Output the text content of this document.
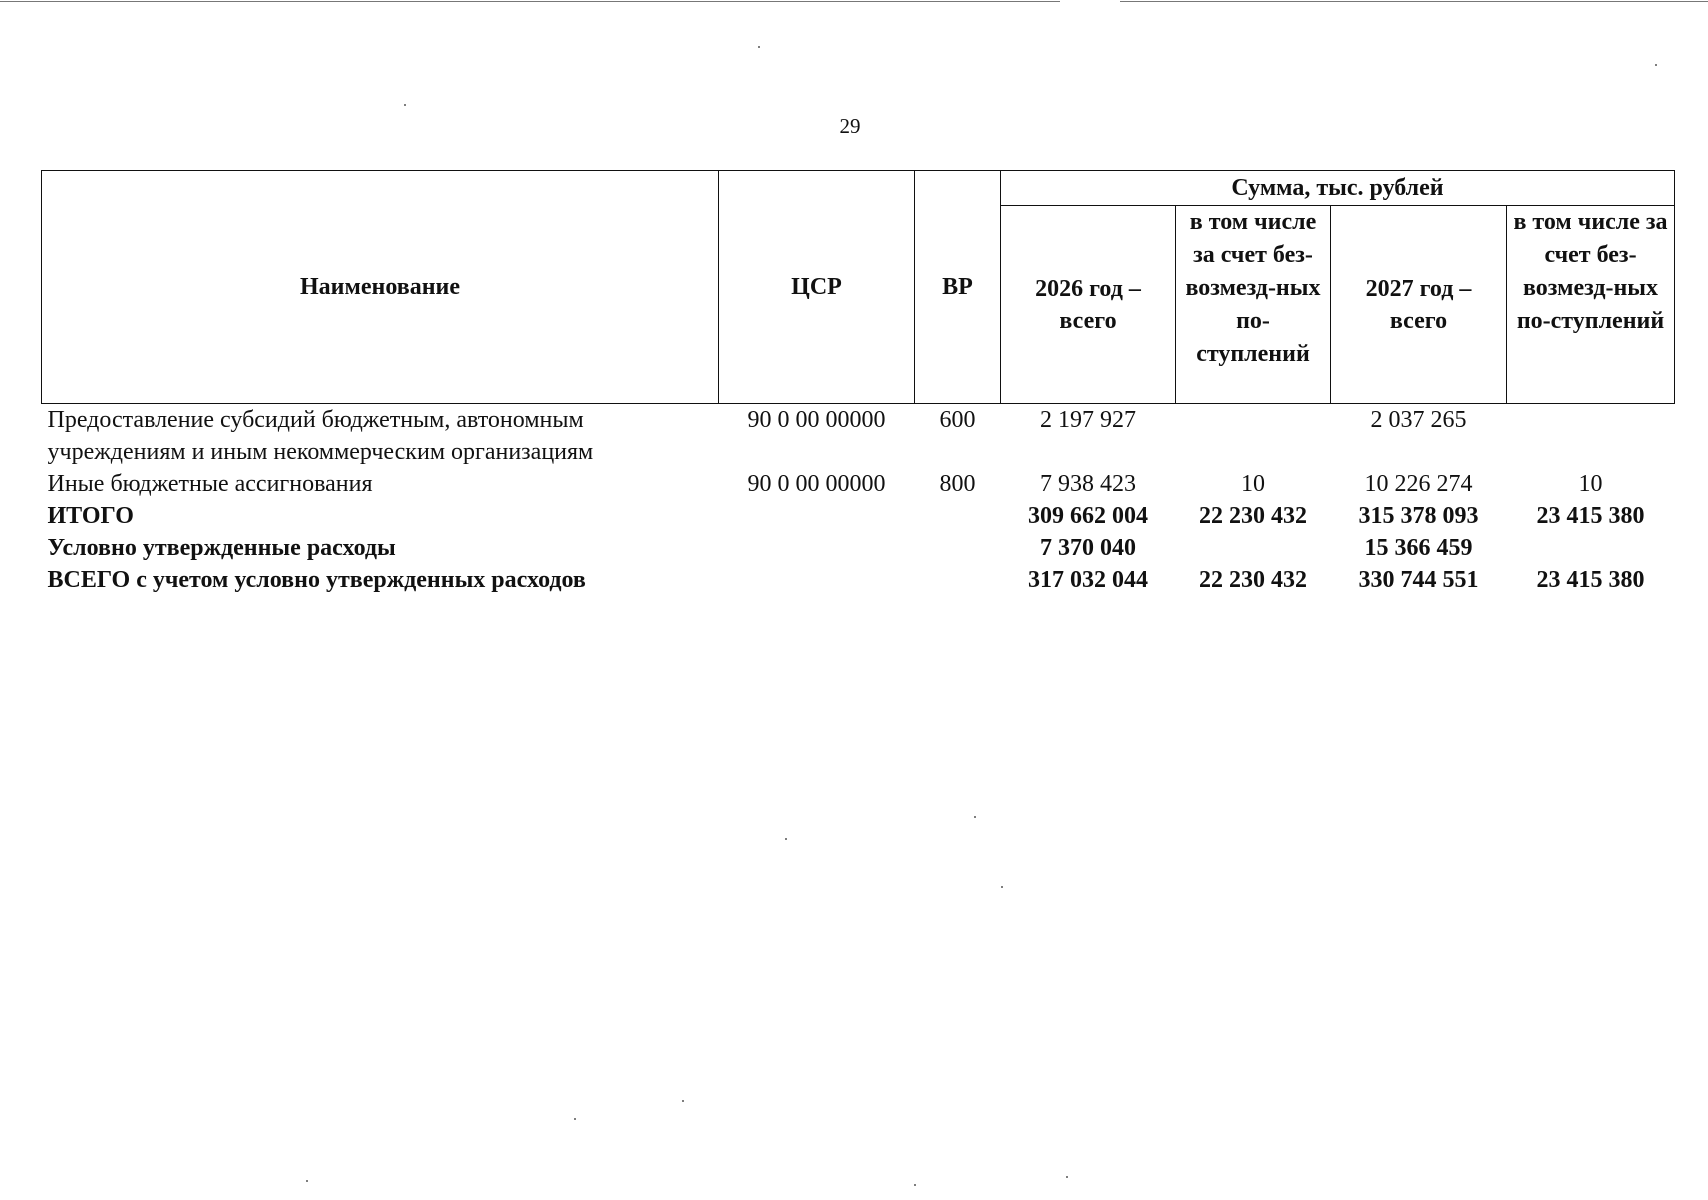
29
Наименование	ЦСР	ВР	Сумма, тыс. рублей			
			2026 год – всего	в том числе за счет без-возмезд-ных по-ступлений	2027 год – всего	в том числе за счет без-возмезд-ных по-ступлений
Предоставление субсидий бюджетным, автономным учреждениям и иным некоммерческим организациям	90 0 00 00000	600	2 197 927		2 037 265	
Иные бюджетные ассигнования	90 0 00 00000	800	7 938 423	10	10 226 274	10
ИТОГО			309 662 004	22 230 432	315 378 093	23 415 380
Условно утвержденные расходы			7 370 040		15 366 459	
ВСЕГО с учетом условно утвержденных расходов			317 032 044	22 230 432	330 744 551	23 415 380
